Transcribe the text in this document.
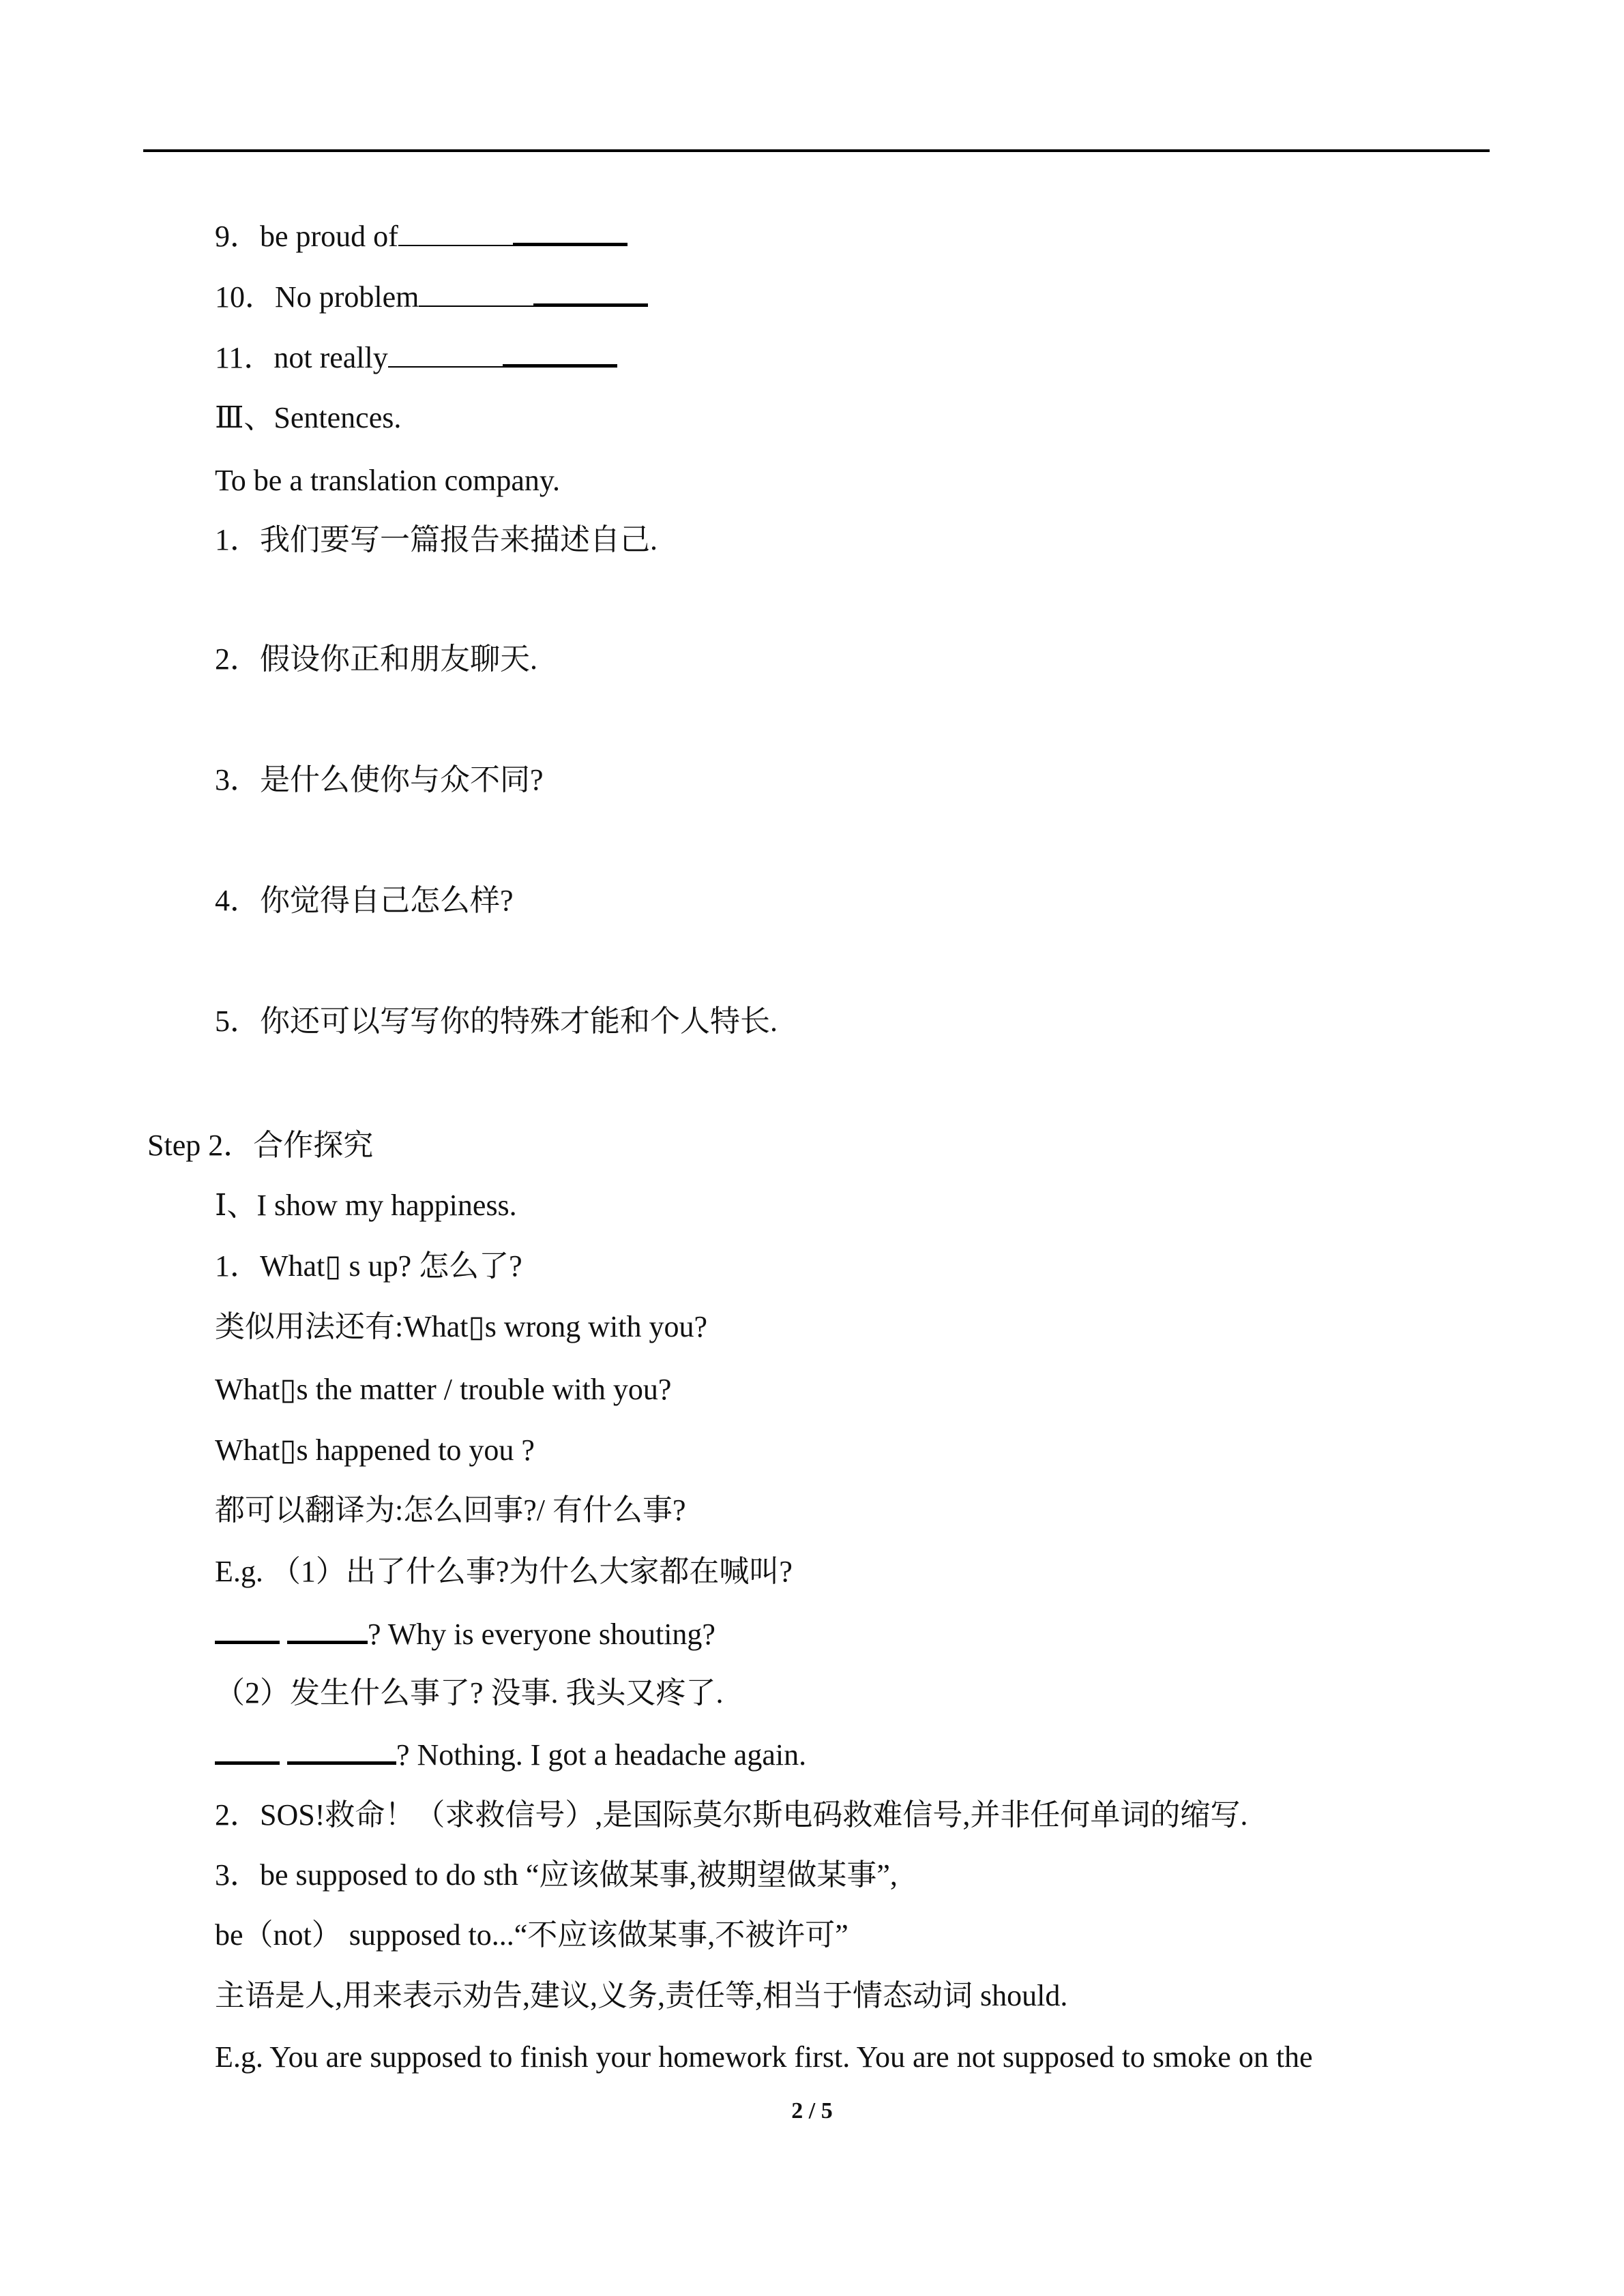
9．be proud of
10．No problem
11．not really
Ⅲ、Sentences.
To be a translation company.
1．我们要写一篇报告来描述自己.
2．假设你正和朋友聊天.
3．是什么使你与众不同?
4．你觉得自己怎么样?
5．你还可以写写你的特殊才能和个人特长.
Step 2．合作探究
Ⅰ、I show my happiness.
1．What▯ s up? 怎么了?
类似用法还有:What▯s wrong with you?
What▯s the matter / trouble with you?
What▯s happened to you ?
都可以翻译为:怎么回事?/ 有什么事?
E.g. （1）出了什么事?为什么大家都在喊叫?
? Why is everyone shouting?
（2）发生什么事了? 没事. 我头又疼了.
? Nothing. I got a headache again.
2．SOS!救命！（求救信号）,是国际莫尔斯电码救难信号,并非任何单词的缩写.
3．be supposed to do sth “应该做某事,被期望做某事”,
be（not） supposed to...“不应该做某事,不被许可”
主语是人,用来表示劝告,建议,义务,责任等,相当于情态动词 should.
E.g. You are supposed to finish your homework first. You are not supposed to smoke on the
2 / 5
